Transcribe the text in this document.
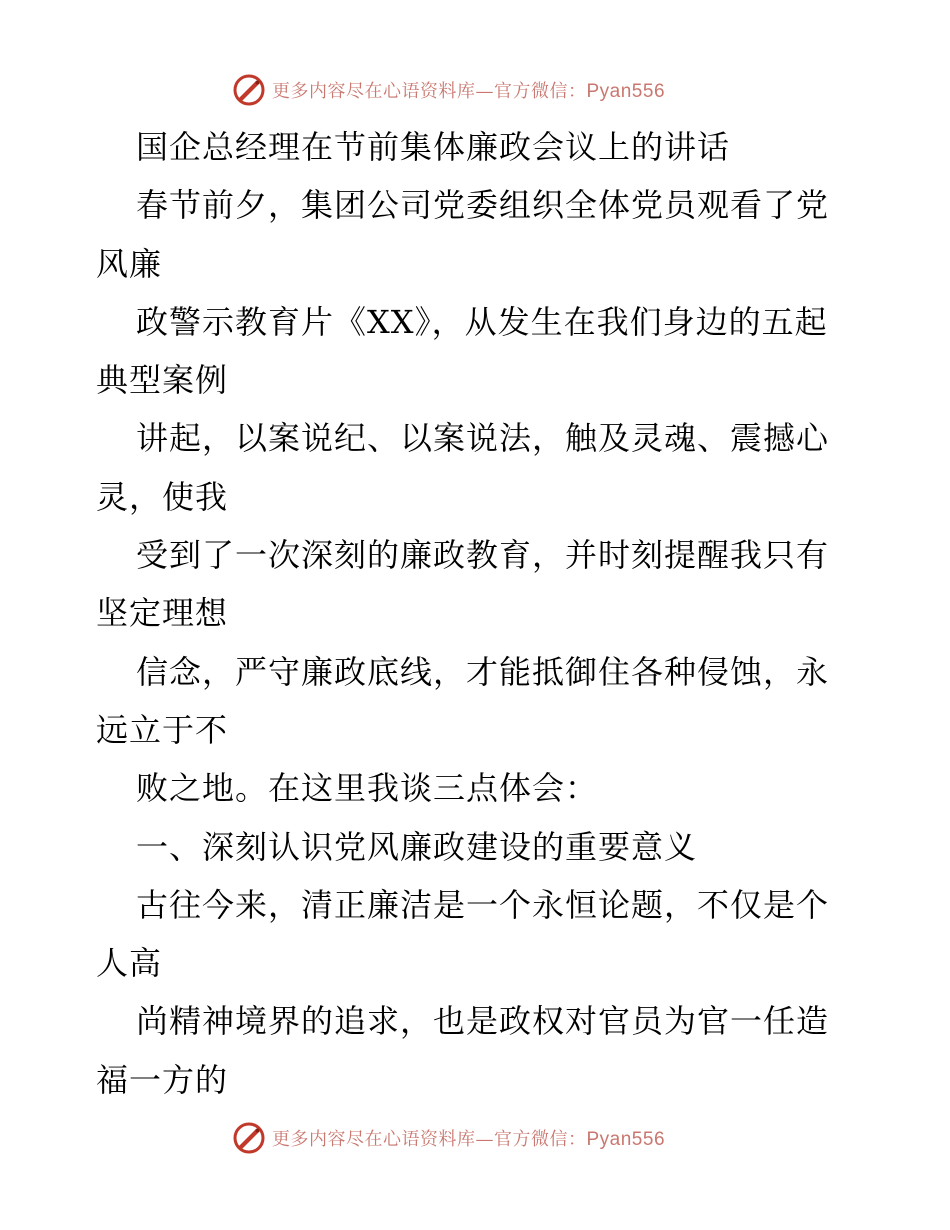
更多内容尽在心语资料库—官方微信：Pyan556
国企总经理在节前集体廉政会议上的讲话
春节前夕，集团公司党委组织全体党员观看了党
风廉
政警示教育片《XX》，从发生在我们身边的五起
典型案例
讲起，以案说纪、以案说法，触及灵魂、震撼心
灵，使我
受到了一次深刻的廉政教育，并时刻提醒我只有
坚定理想
信念，严守廉政底线，才能抵御住各种侵蚀，永
远立于不
败之地。在这里我谈三点体会：
一、深刻认识党风廉政建设的重要意义
古往今来，清正廉洁是一个永恒论题，不仅是个
人高
尚精神境界的追求，也是政权对官员为官一任造
福一方的
更多内容尽在心语资料库—官方微信：Pyan556
